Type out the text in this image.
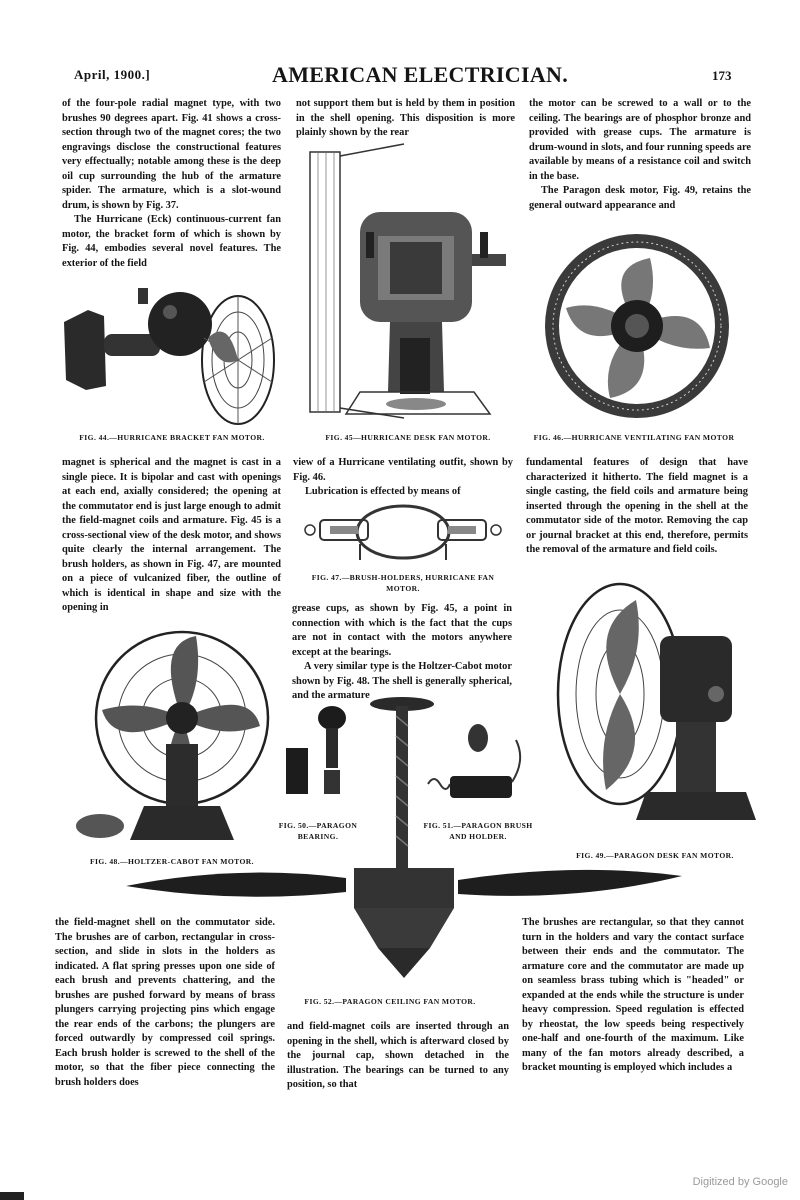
April, 1900.]	AMERICAN ELECTRICIAN.	173

of the four-pole radial magnet type, with two brushes 90 degrees apart. Fig. 41 shows a cross-section through two of the magnet cores; the two engravings disclose the constructional features very effectually; notable among these is the deep oil cup surrounding the hub of the armature spider. The armature, which is a slot-wound drum, is shown by Fig. 37.

The Hurricane (Eck) continuous-current fan motor, the bracket form of which is shown by Fig. 44, embodies several novel features. The exterior of the field

not support them but is held by them in position in the shell opening. This disposition is more plainly shown by the rear

the motor can be screwed to a wall or to the ceiling. The bearings are of phosphor bronze and provided with grease cups. The armature is drum-wound in slots, and four running speeds are available by means of a resistance coil and switch in the base.

The Paragon desk motor, Fig. 49, retains the general outward appearance and

FIG. 44.—HURRICANE BRACKET FAN MOTOR.	FIG. 45—HURRICANE DESK FAN MOTOR.	FIG. 46.—HURRICANE VENTILATING FAN MOTOR

magnet is spherical and the magnet is cast in a single piece. It is bipolar and cast with openings at each end, axially considered; the opening at the commutator end is just large enough to admit the field-magnet coils and armature. Fig. 45 is a cross-sectional view of the desk motor, and shows quite clearly the internal arrangement. The brush holders, as shown in Fig. 47, are mounted on a piece of vulcanized fiber, the outline of which is identical in shape and size with the opening in

view of a Hurricane ventilating outfit, shown by Fig. 46.

Lubrication is effected by means of

FIG. 47.—BRUSH-HOLDERS, HURRICANE FAN MOTOR.

grease cups, as shown by Fig. 45, a point in connection with which is the fact that the cups are not in contact with the motors anywhere except at the bearings.

A very similar type is the Holtzer-Cabot motor shown by Fig. 48. The shell is generally spherical, and the armature

fundamental features of design that have characterized it hitherto. The field magnet is a single casting, the field coils and armature being inserted through the opening in the shell at the commutator side of the motor. Removing the cap or journal bracket at this end, therefore, permits the removal of the armature and field coils.

FIG. 48.—HOLTZER-CABOT FAN MOTOR.
FIG. 50.—PARAGON BEARING.
FIG. 51.—PARAGON BRUSH AND HOLDER.
FIG. 49.—PARAGON DESK FAN MOTOR.
FIG. 52.—PARAGON CEILING FAN MOTOR.

the field-magnet shell on the commutator side. The brushes are of carbon, rectangular in cross-section, and slide in slots in the holders as indicated. A flat spring presses upon one side of each brush and prevents chattering, and the brushes are pushed forward by means of brass plungers carrying projecting pins which engage the rear ends of the carbons; the plungers are forced outwardly by compressed coil springs. Each brush holder is screwed to the shell of the motor, so that the fiber piece connecting the brush holders does

and field-magnet coils are inserted through an opening in the shell, which is afterward closed by the journal cap, shown detached in the illustration. The bearings can be turned to any position, so that

The brushes are rectangular, so that they cannot turn in the holders and vary the contact surface between their ends and the commutator. The armature core and the commutator are made up on seamless brass tubing which is "headed" or expanded at the ends while the structure is under heavy compression. Speed regulation is effected by rheostat, the low speeds being respectively one-half and one-fourth of the maximum. Like many of the fan motors already described, a bracket mounting is employed which includes a

Digitized by Google
